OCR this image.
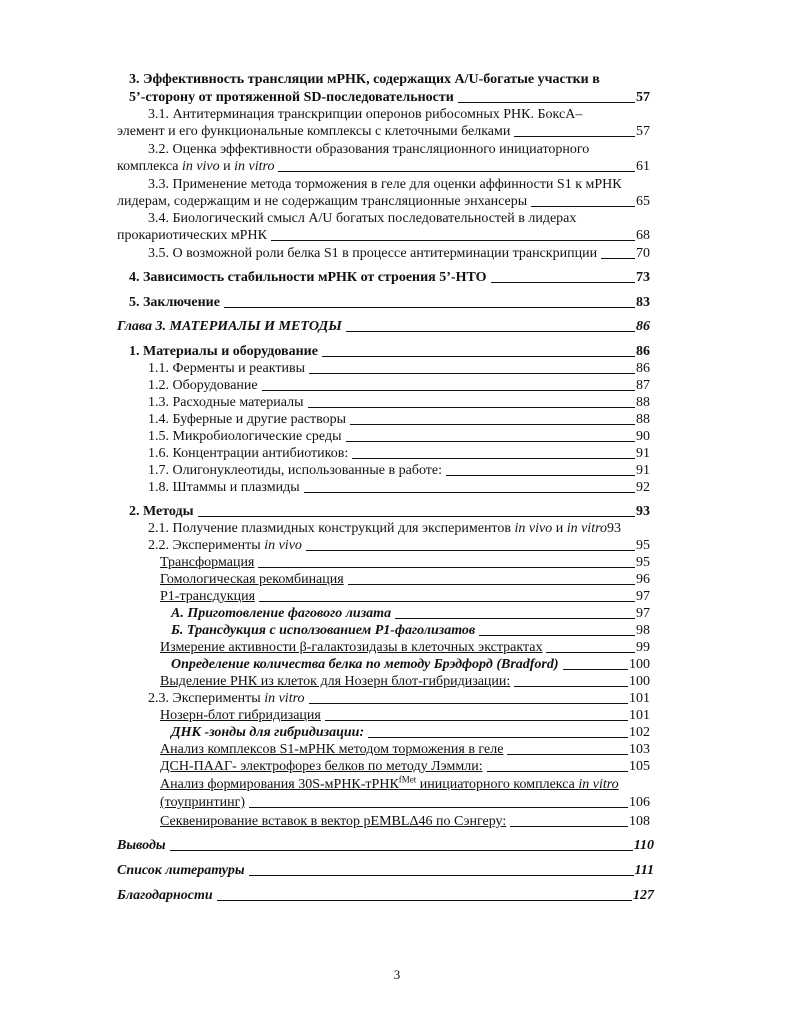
3. Эффективность трансляции мРНК, содержащих A/U-богатые участки в
5’-сторону от протяженной SD-последовательности	57
3.1. Антитерминация транскрипции оперонов рибосомных РНК. БоксА–
элемент и его функциональные комплексы с клеточными белками	57
3.2. Оценка эффективности образования трансляционного инициаторного
комплекса in vivo и in vitro	61
3.3. Применение метода торможения в геле для оценки аффинности S1 к мРНК
лидерам, содержащим и не содержащим трансляционные энхансеры	65
3.4. Биологический смысл A/U богатых последовательностей в лидерах
прокариотических мРНК	68
3.5. О возможной роли белка S1 в процессе антитерминации транскрипции	70
4. Зависимость стабильности мРНК от строения 5’-НТО	73
5. Заключение	83
Глава 3. МАТЕРИАЛЫ И МЕТОДЫ	86
1. Материалы и оборудование	86
1.1. Ферменты и реактивы	86
1.2. Оборудование	87
1.3. Расходные материалы	88
1.4. Буферные и другие растворы	88
1.5. Микробиологические среды	90
1.6. Концентрации антибиотиков:	91
1.7. Олигонуклеотиды, использованные в работе:	91
1.8. Штаммы и плазмиды	92
2. Методы	93
2.1. Получение плазмидных конструкций для экспериментов in vivo и in vitro 93
2.2. Эксперименты in vivo	95
Трансформация	95
Гомологическая рекомбинация	96
P1-трансдукция	97
А. Приготовление фагового лизата	97
Б. Трансдукция с исползованием P1-фаголизатов	98
Измерение активности β-галактозидазы в клеточных экстрактах	99
Определение количества белка по методу Брэдфорд (Bradford)	100
Выделение РНК из клеток для Нозерн блот-гибридизации:	100
2.3. Эксперименты in vitro	101
Нозерн-блот гибридизация	101
ДНК -зонды для гибридизации:	102
Анализ комплексов S1-мРНК методом торможения в геле	103
ДСН-ПААГ- электрофорез белков по методу Лэммли:	105
Анализ формирования 30S-мРНК-тРНК$^{fMet}$ инициаторного комплекса in vitro
(тоупринтинг)	106
Секвенирование вставок в вектор pEMBLΔ46 по Сэнгеру:	108
Выводы	110
Список литературы	111
Благодарности	127
3
